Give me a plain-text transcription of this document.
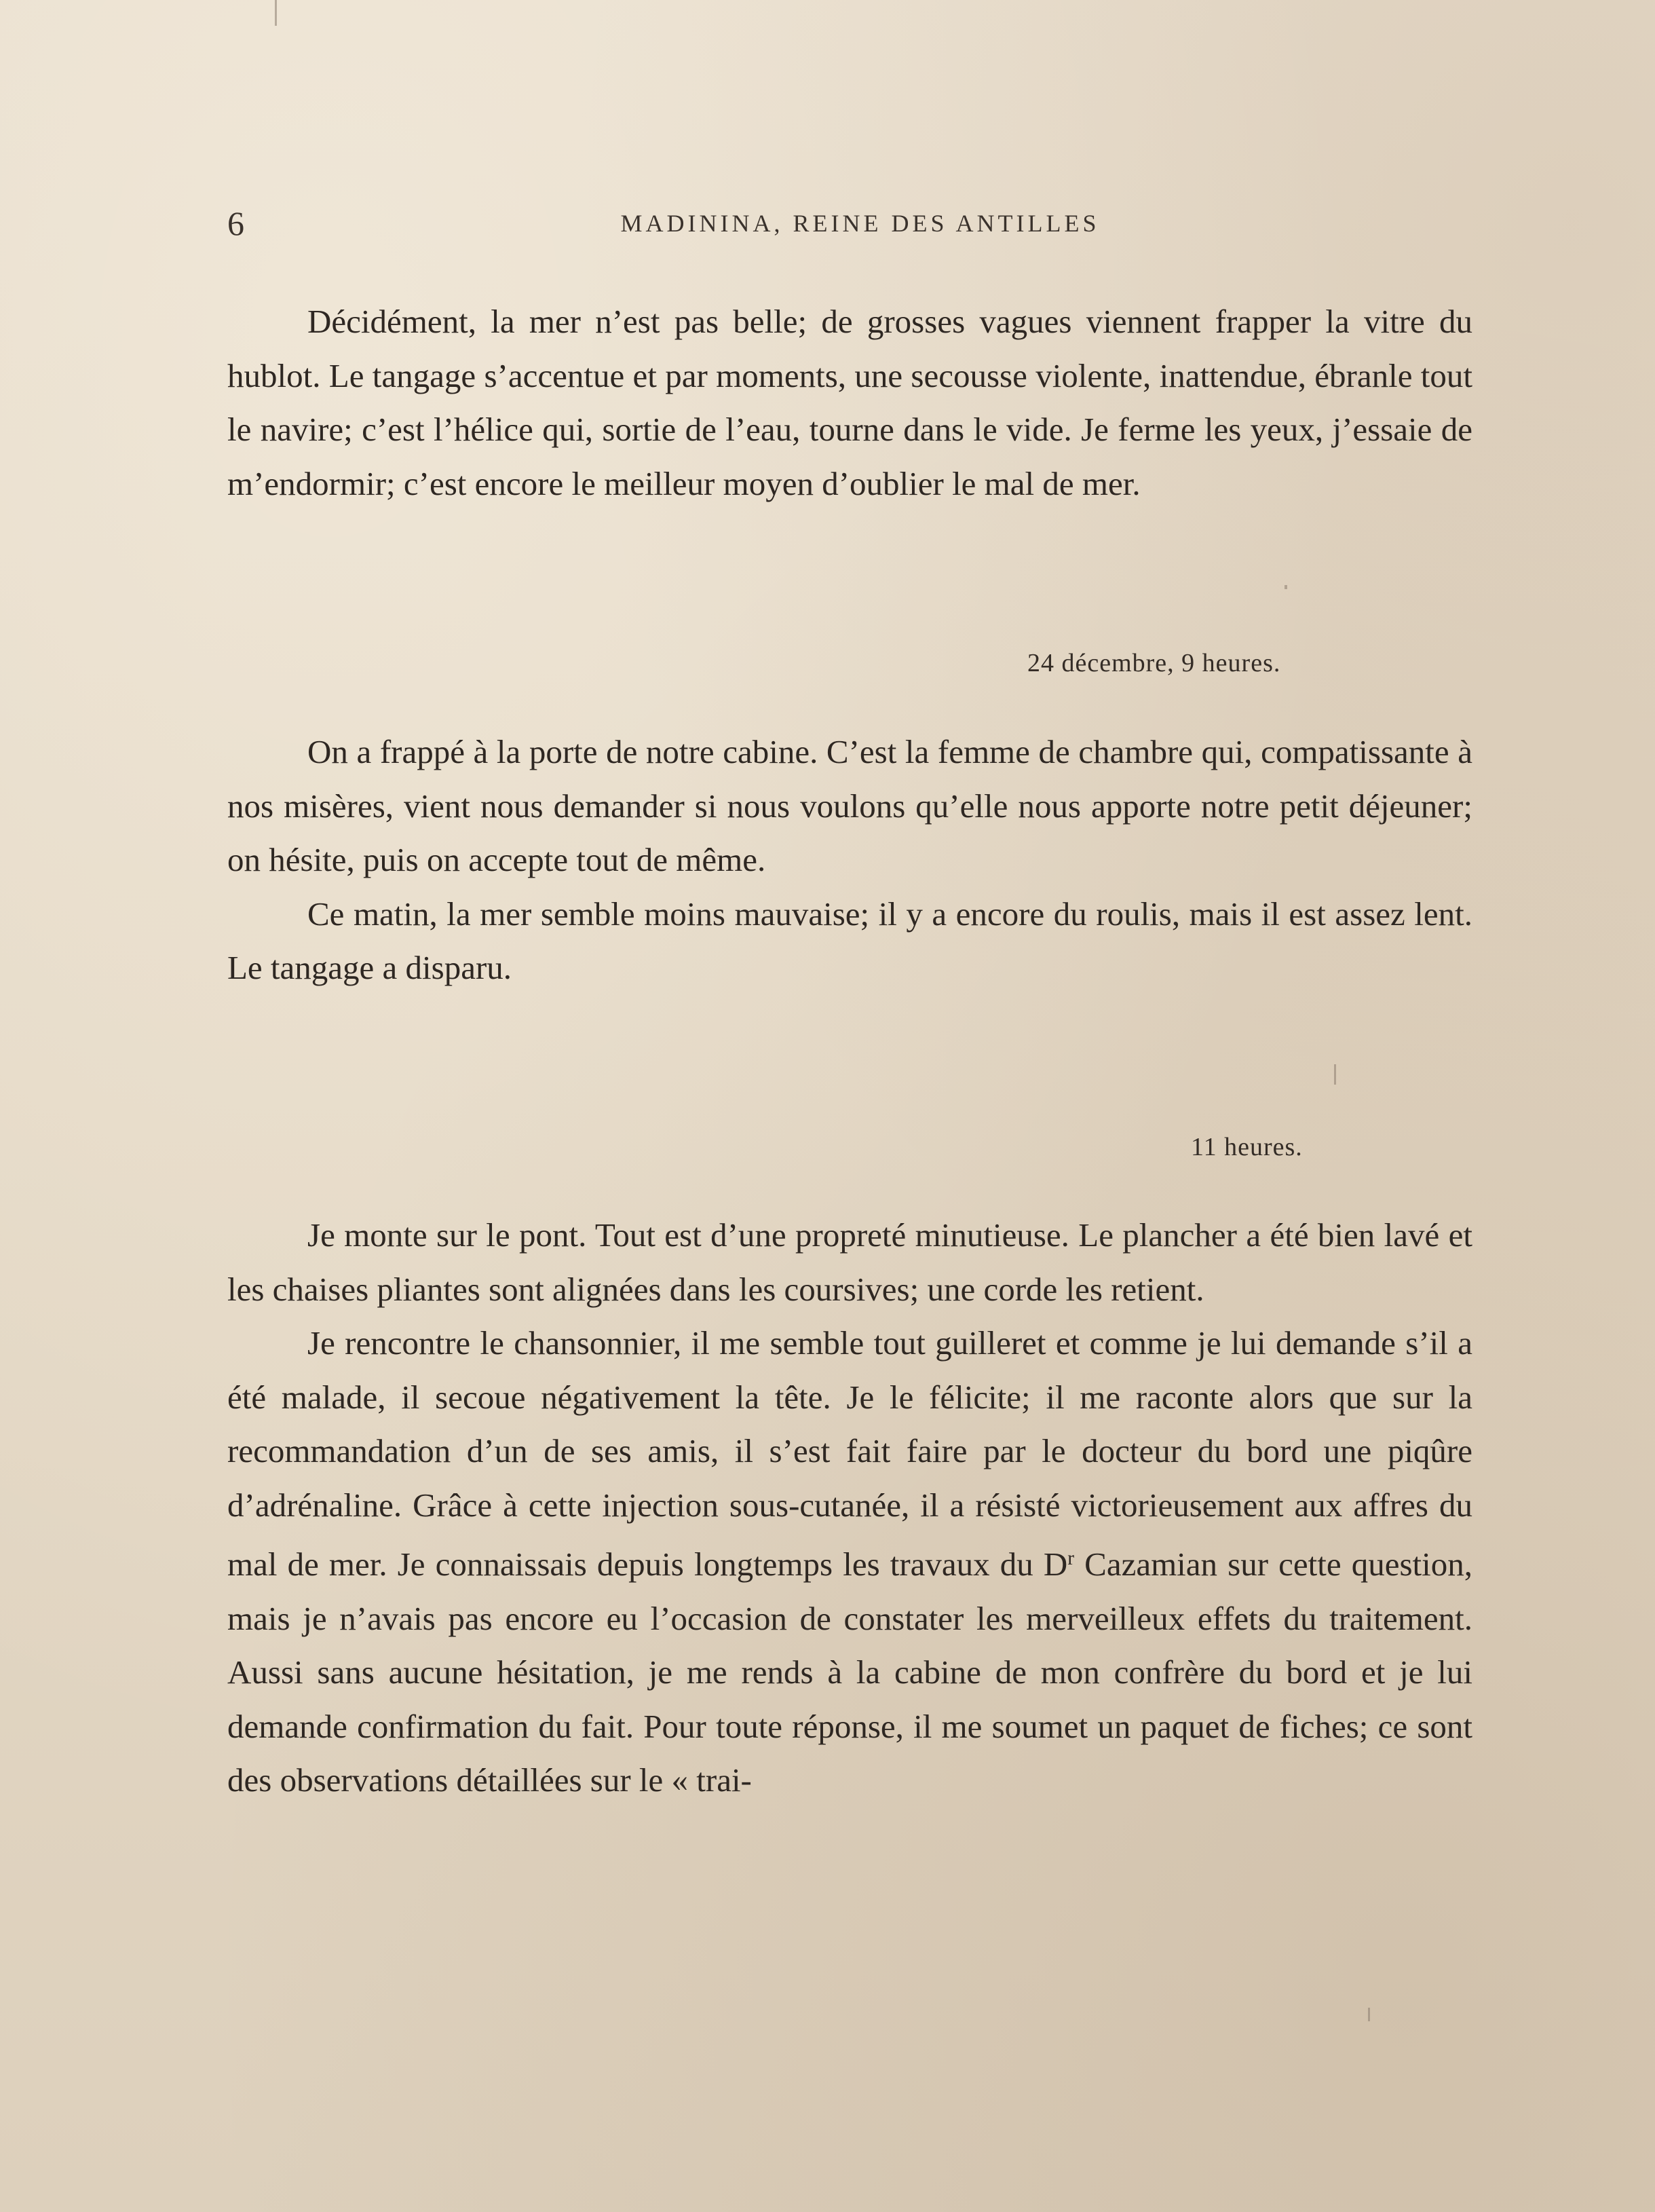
6	MADININA, REINE DES ANTILLES

Décidément, la mer n’est pas belle; de grosses vagues viennent frapper la vitre du hublot. Le tangage s’accentue et par moments, une secousse violente, inattendue, ébranle tout le navire; c’est l’hélice qui, sortie de l’eau, tourne dans le vide. Je ferme les yeux, j’essaie de m’endormir; c’est encore le meilleur moyen d’oublier le mal de mer.

24 décembre, 9 heures.

On a frappé à la porte de notre cabine. C’est la femme de chambre qui, compatissante à nos misères, vient nous demander si nous voulons qu’elle nous apporte notre petit déjeuner; on hésite, puis on accepte tout de même.

Ce matin, la mer semble moins mauvaise; il y a encore du roulis, mais il est assez lent. Le tangage a disparu.

11 heures.

Je monte sur le pont. Tout est d’une propreté minutieuse. Le plancher a été bien lavé et les chaises pliantes sont alignées dans les coursives; une corde les retient.

Je rencontre le chansonnier, il me semble tout guilleret et comme je lui demande s’il a été malade, il secoue négativement la tête. Je le félicite; il me raconte alors que sur la recommandation d’un de ses amis, il s’est fait faire par le docteur du bord une piqûre d’adrénaline. Grâce à cette injection sous-cutanée, il a résisté victorieusement aux affres du mal de mer. Je connaissais depuis longtemps les travaux du $D^r$ Cazamian sur cette question, mais je n’avais pas encore eu l’occasion de constater les merveilleux effets du traitement. Aussi sans aucune hésitation, je me rends à la cabine de mon confrère du bord et je lui demande confirmation du fait. Pour toute réponse, il me soumet un paquet de fiches; ce sont des observations détaillées sur le « trai-
